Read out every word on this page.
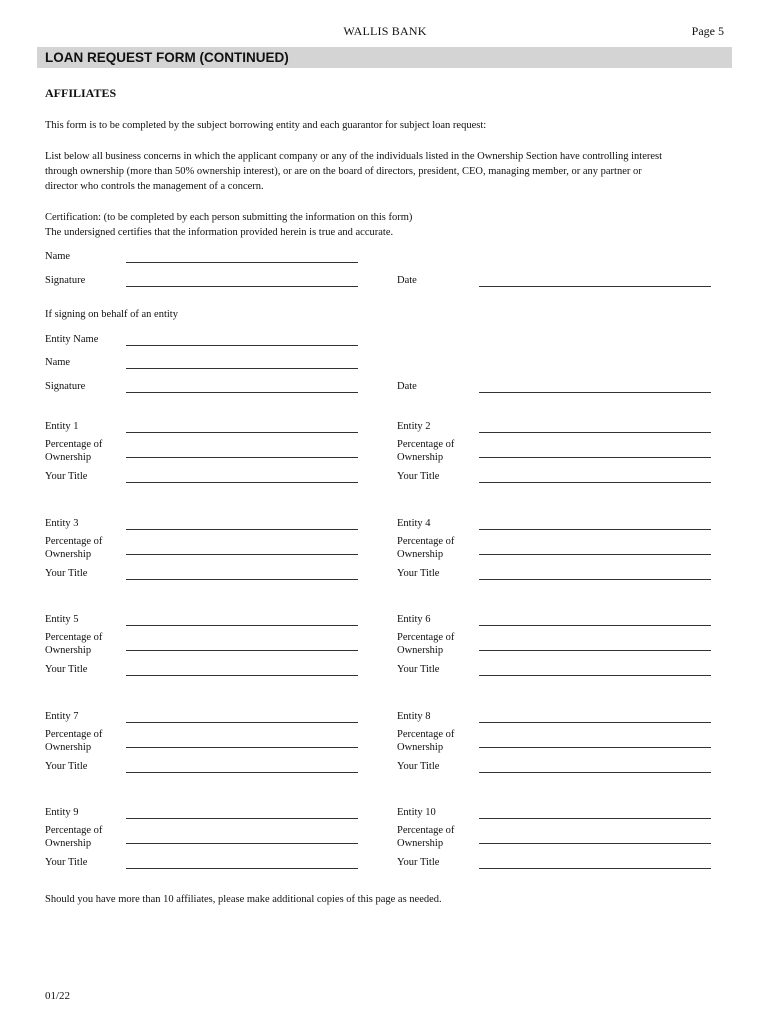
WALLIS BANK	Page 5
LOAN REQUEST FORM (CONTINUED)
AFFILIATES
This form is to be completed by the subject borrowing entity and each guarantor for subject loan request:
List below all business concerns in which the applicant company or any of the individuals listed in the Ownership Section have controlling interest
through ownership (more than 50% ownership interest), or are on the board of directors, president, CEO, managing member, or any partner or
director who controls the management of a concern.
Certification: (to be completed by each person submitting the information on this form)
The undersigned certifies that the information provided herein is true and accurate.
Name
Signature	Date
If signing on behalf of an entity
Entity Name
Name
Signature	Date
Entity 1
Percentage of
Ownership
Your Title
Entity 2
Percentage of
Ownership
Your Title
Entity 3
Percentage of
Ownership
Your Title
Entity 4
Percentage of
Ownership
Your Title
Entity 5
Percentage of
Ownership
Your Title
Entity 6
Percentage of
Ownership
Your Title
Entity 7
Percentage of
Ownership
Your Title
Entity 8
Percentage of
Ownership
Your Title
Entity 9
Percentage of
Ownership
Your Title
Entity 10
Percentage of
Ownership
Your Title
Should you have more than 10 affiliates, please make additional copies of this page as needed.
01/22
